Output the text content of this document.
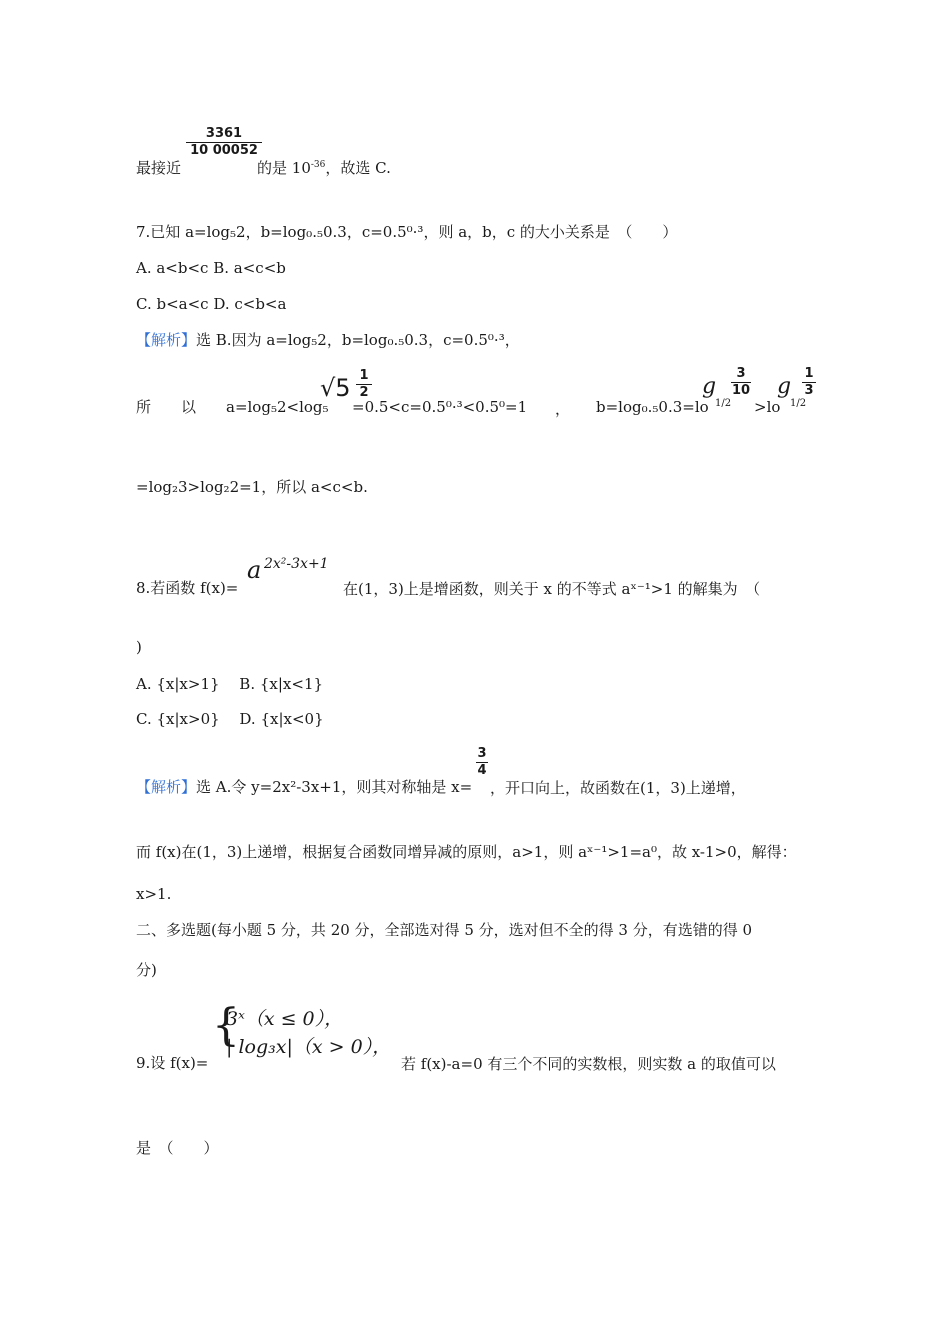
3361
10 00052
最接近	的是 $10^{-36}$，故选 C.
7.已知 a=log₅2，b=log₀.₅0.3，c=0.5⁰·³，则 a，b，c 的大小关系是　（　　）
A. a<b<c B. a<c<b
C. b<a<c D. c<b<a
【解析】选 B.因为 a=log₅2，b=log₀.₅0.3，c=0.5⁰·³，
所　　以　　a=log₅2<log₅
√5 1
2
=0.5<c=0.5⁰·³<0.5⁰=1 ， b=log₀.₅0.3=lo
g
1/2
3
10
>lo
g
1/2
1
3
=log₂3>log₂2=1，所以 a<c<b.
a 2x²-3x+1
8.若函数 f(x)=	在(1，3)上是增函数，则关于 x 的不等式 aˣ⁻¹>1 的解集为　（
)
A. {x|x>1}　 B. {x|x<1}
C. {x|x>0}　 D. {x|x<0}
3
4
【解析】选 A.令 y=2x²-3x+1，则其对称轴是 x= ，开口向上，故函数在(1，3)上递增，
而 f(x)在(1，3)上递增，根据复合函数同增异减的原则，a>1，则 aˣ⁻¹>1=a⁰，故 x-1>0，解得：
x>1.
二、多选题(每小题 5 分，共 20 分，全部选对得 5 分，选对但不全的得 3 分，有选错的得 0
分)
{
3ˣ（x ≤ 0），
| log₃x|（x > 0），
9.设 f(x)=	若 f(x)-a=0 有三个不同的实数根，则实数 a 的取值可以
是　（　　）
